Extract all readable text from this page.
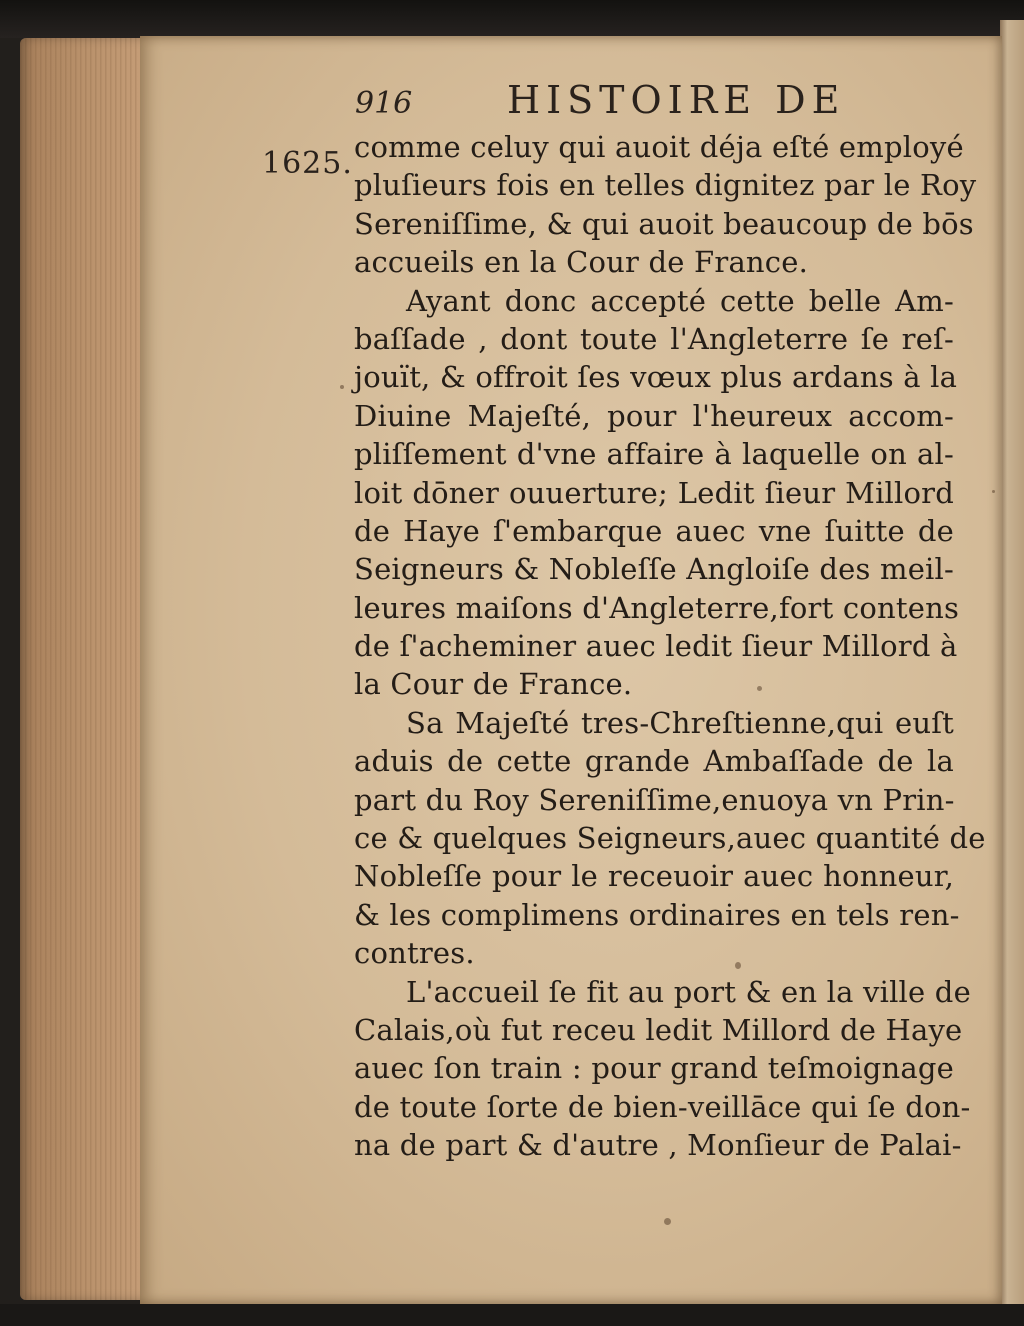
916 HISTOIRE DE
1625. comme celuy qui auoit déja eſté employé
pluſieurs fois en telles dignitez par le Roy
Sereniſſime, & qui auoit beaucoup de bōs
accueils en la Cour de France.
Ayant donc accepté cette belle Am-
baſſade , dont toute l'Angleterre ſe reſ-
jouït, & offroit ſes vœux plus ardans à la
Diuine Majeſté, pour l'heureux accom-
pliſſement d'vne affaire à laquelle on al-
loit dōner ouuerture; Ledit ſieur Millord
de Haye ſ'embarque auec vne ſuitte de
Seigneurs & Nobleſſe Angloiſe des meil-
leures maiſons d'Angleterre,fort contens
de ſ'acheminer auec ledit ſieur Millord à
la Cour de France.
Sa Majeſté tres-Chreſtienne,qui euſt
aduis de cette grande Ambaſſade de la
part du Roy Sereniſſime,enuoya vn Prin-
ce & quelques Seigneurs,auec quantité de
Nobleſſe pour le receuoir auec honneur,
& les complimens ordinaires en tels ren-
contres.
L'accueil ſe fit au port & en la ville de
Calais,où fut receu ledit Millord de Haye
auec ſon train : pour grand teſmoignage
de toute ſorte de bien-veillāce qui ſe don-
na de part & d'autre , Monſieur de Palai-
